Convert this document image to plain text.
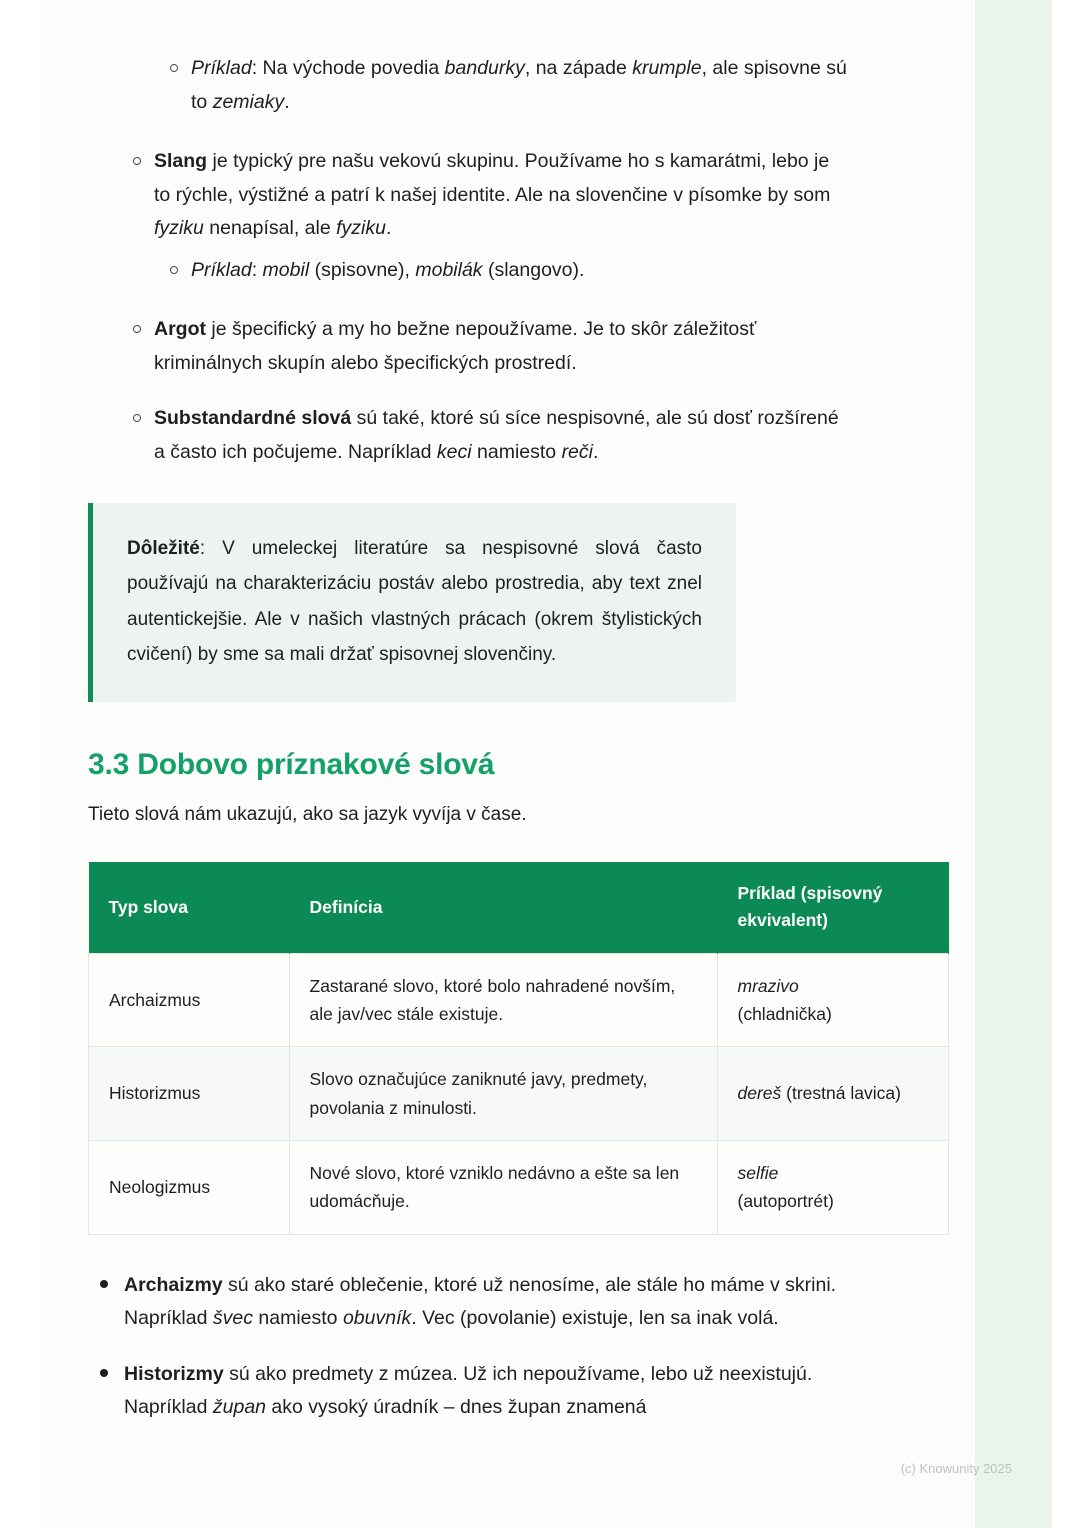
Príklad: Na východe povedia bandurky, na západe krumple, ale spisovne sú to zemiaky.
Slang je typický pre našu vekovú skupinu. Používame ho s kamarátmi, lebo je to rýchle, výstižné a patrí k našej identite. Ale na slovenčine v písomke by som fyziku nenapísal, ale fyziku.
Príklad: mobil (spisovne), mobilák (slangovo).
Argot je špecifický a my ho bežne nepoužívame. Je to skôr záležitosť kriminálnych skupín alebo špecifických prostredí.
Substandardné slová sú také, ktoré sú síce nespisovné, ale sú dosť rozšírené a často ich počujeme. Napríklad keci namiesto reči.
Dôležité: V umeleckej literatúre sa nespisovné slová často používajú na charakterizáciu postáv alebo prostredia, aby text znel autentickejšie. Ale v našich vlastných prácach (okrem štylistických cvičení) by sme sa mali držať spisovnej slovenčiny.
3.3 Dobovo príznakové slová

Tieto slová nám ukazujú, ako sa jazyk vyvíja v čase.

Typ slova	Definícia	Príklad (spisovný ekvivalent)
Archaizmus	Zastarané slovo, ktoré bolo nahradené novším, ale jav/vec stále existuje.	mrazivo
(chladnička)
Historizmus	Slovo označujúce zaniknuté javy, predmety, povolania z minulosti.	dereš (trestná lavica)
Neologizmus	Nové slovo, ktoré vzniklo nedávno a ešte sa len udomácňuje.	selfie
(autoportrét)
Archaizmy sú ako staré oblečenie, ktoré už nenosíme, ale stále ho máme v skrini. Napríklad švec namiesto obuvník. Vec (povolanie) existuje, len sa inak volá.
Historizmy sú ako predmety z múzea. Už ich nepoužívame, lebo už neexistujú. Napríklad župan ako vysoký úradník – dnes župan znamená
(c) Knowunity 2025
